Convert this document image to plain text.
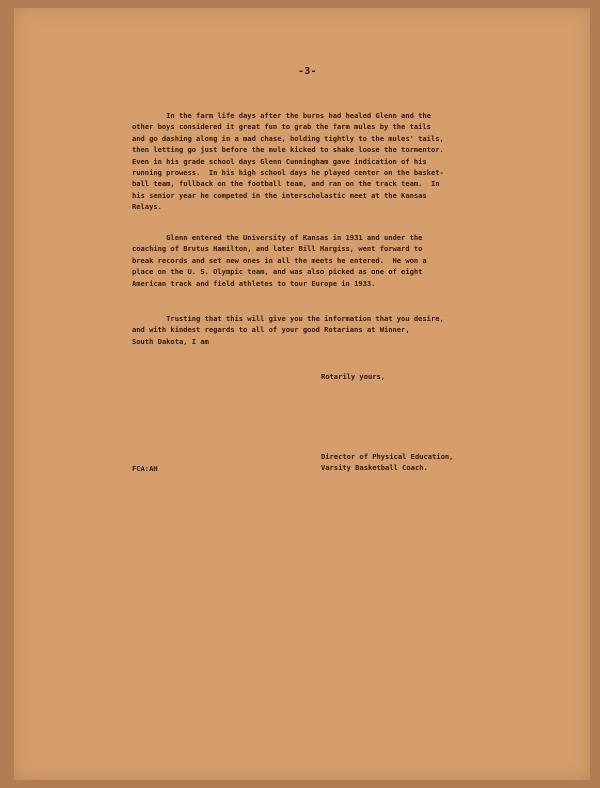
-3-

In the farm life days after the burns had healed Glenn and the
other boys considered it great fun to grab the farm mules by the tails
and go dashing along in a mad chase, holding tightly to the mules' tails,
then letting go just before the mule kicked to shake loose the tormentor.
Even in his grade school days Glenn Cunningham gave indication of his
running prowess.  In his high school days he played center on the basket-
ball team, fullback on the football team, and ran on the track team.  In
his senior year he competed in the interscholastic meet at the Kansas
Relays.

Glenn entered the University of Kansas in 1931 and under the
coaching of Brutus Hamilton, and later Bill Hargiss, went forward to
break records and set new ones in all the meets he entered.  He won a
place on the U. S. Olympic team, and was also picked as one of eight
American track and field athletes to tour Europe in 1933.

Trusting that this will give you the information that you desire,
and with kindest regards to all of your good Rotarians at Winner,
South Dakota, I am

Rotarily yours,

Director of Physical Education,
Varsity Basketball Coach.

FCA:AH
